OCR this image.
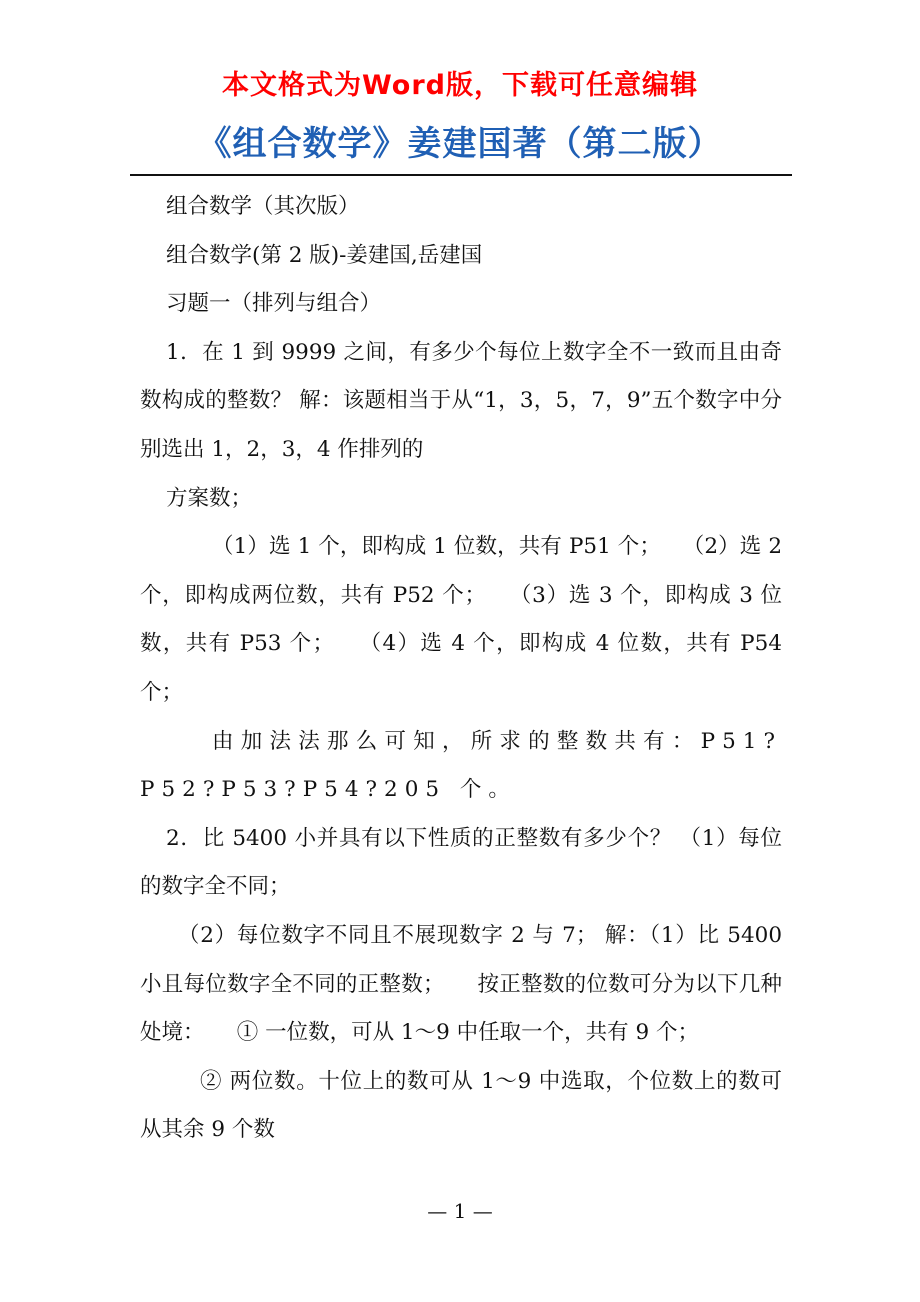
本文格式为Word版，下载可任意编辑
《组合数学》姜建国著（第二版）

组合数学（其次版）

组合数学(第 2 版)-姜建国,岳建国

习题一（排列与组合）

1．在 1 到 9999 之间，有多少个每位上数字全不一致而且由奇数构成的整数？ 解：该题相当于从“1，3，5，7，9”五个数字中分别选出 1，2，3，4 作排列的

方案数；

（1）选 1 个，即构成 1 位数，共有 P51 个；　　（2）选 2 个，即构成两位数，共有 P52 个；　　（3）选 3 个，即构成 3 位数，共有 P53 个；　　（4）选 4 个，即构成 4 位数，共有 P54 个；

由加法法那么可知，所求的整数共有：P51?P52?P53?P54?205 个。

2．比 5400 小并具有以下性质的正整数有多少个？ （1）每位的数字全不同；

（2）每位数字不同且不展现数字 2 与 7； 解：（1）比 5400 小且每位数字全不同的正整数；　　按正整数的位数可分为以下几种处境：　　① 一位数，可从 1～9 中任取一个，共有 9 个；

② 两位数。十位上的数可从 1～9 中选取，个位数上的数可从其余 9 个数

— 1 —
